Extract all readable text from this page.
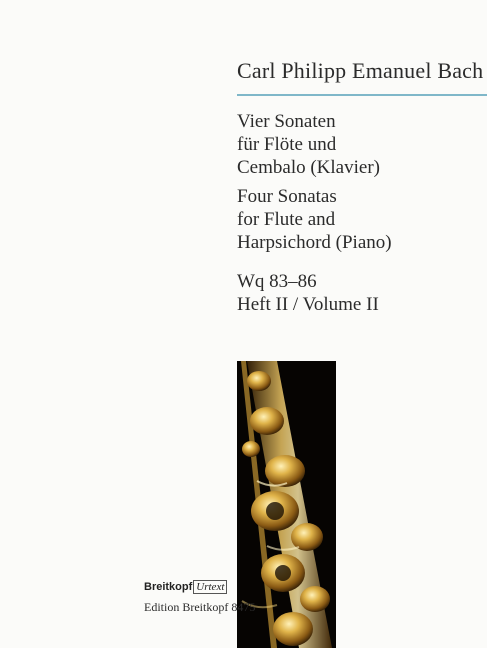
Carl Philipp Emanuel Bach
Vier Sonaten
für Flöte und
Cembalo (Klavier)
Four Sonatas
for Flute and
Harpsichord (Piano)
Wq 83–86
Heft II / Volume II
Breitkopf Urtext
Edition Breitkopf 8475
